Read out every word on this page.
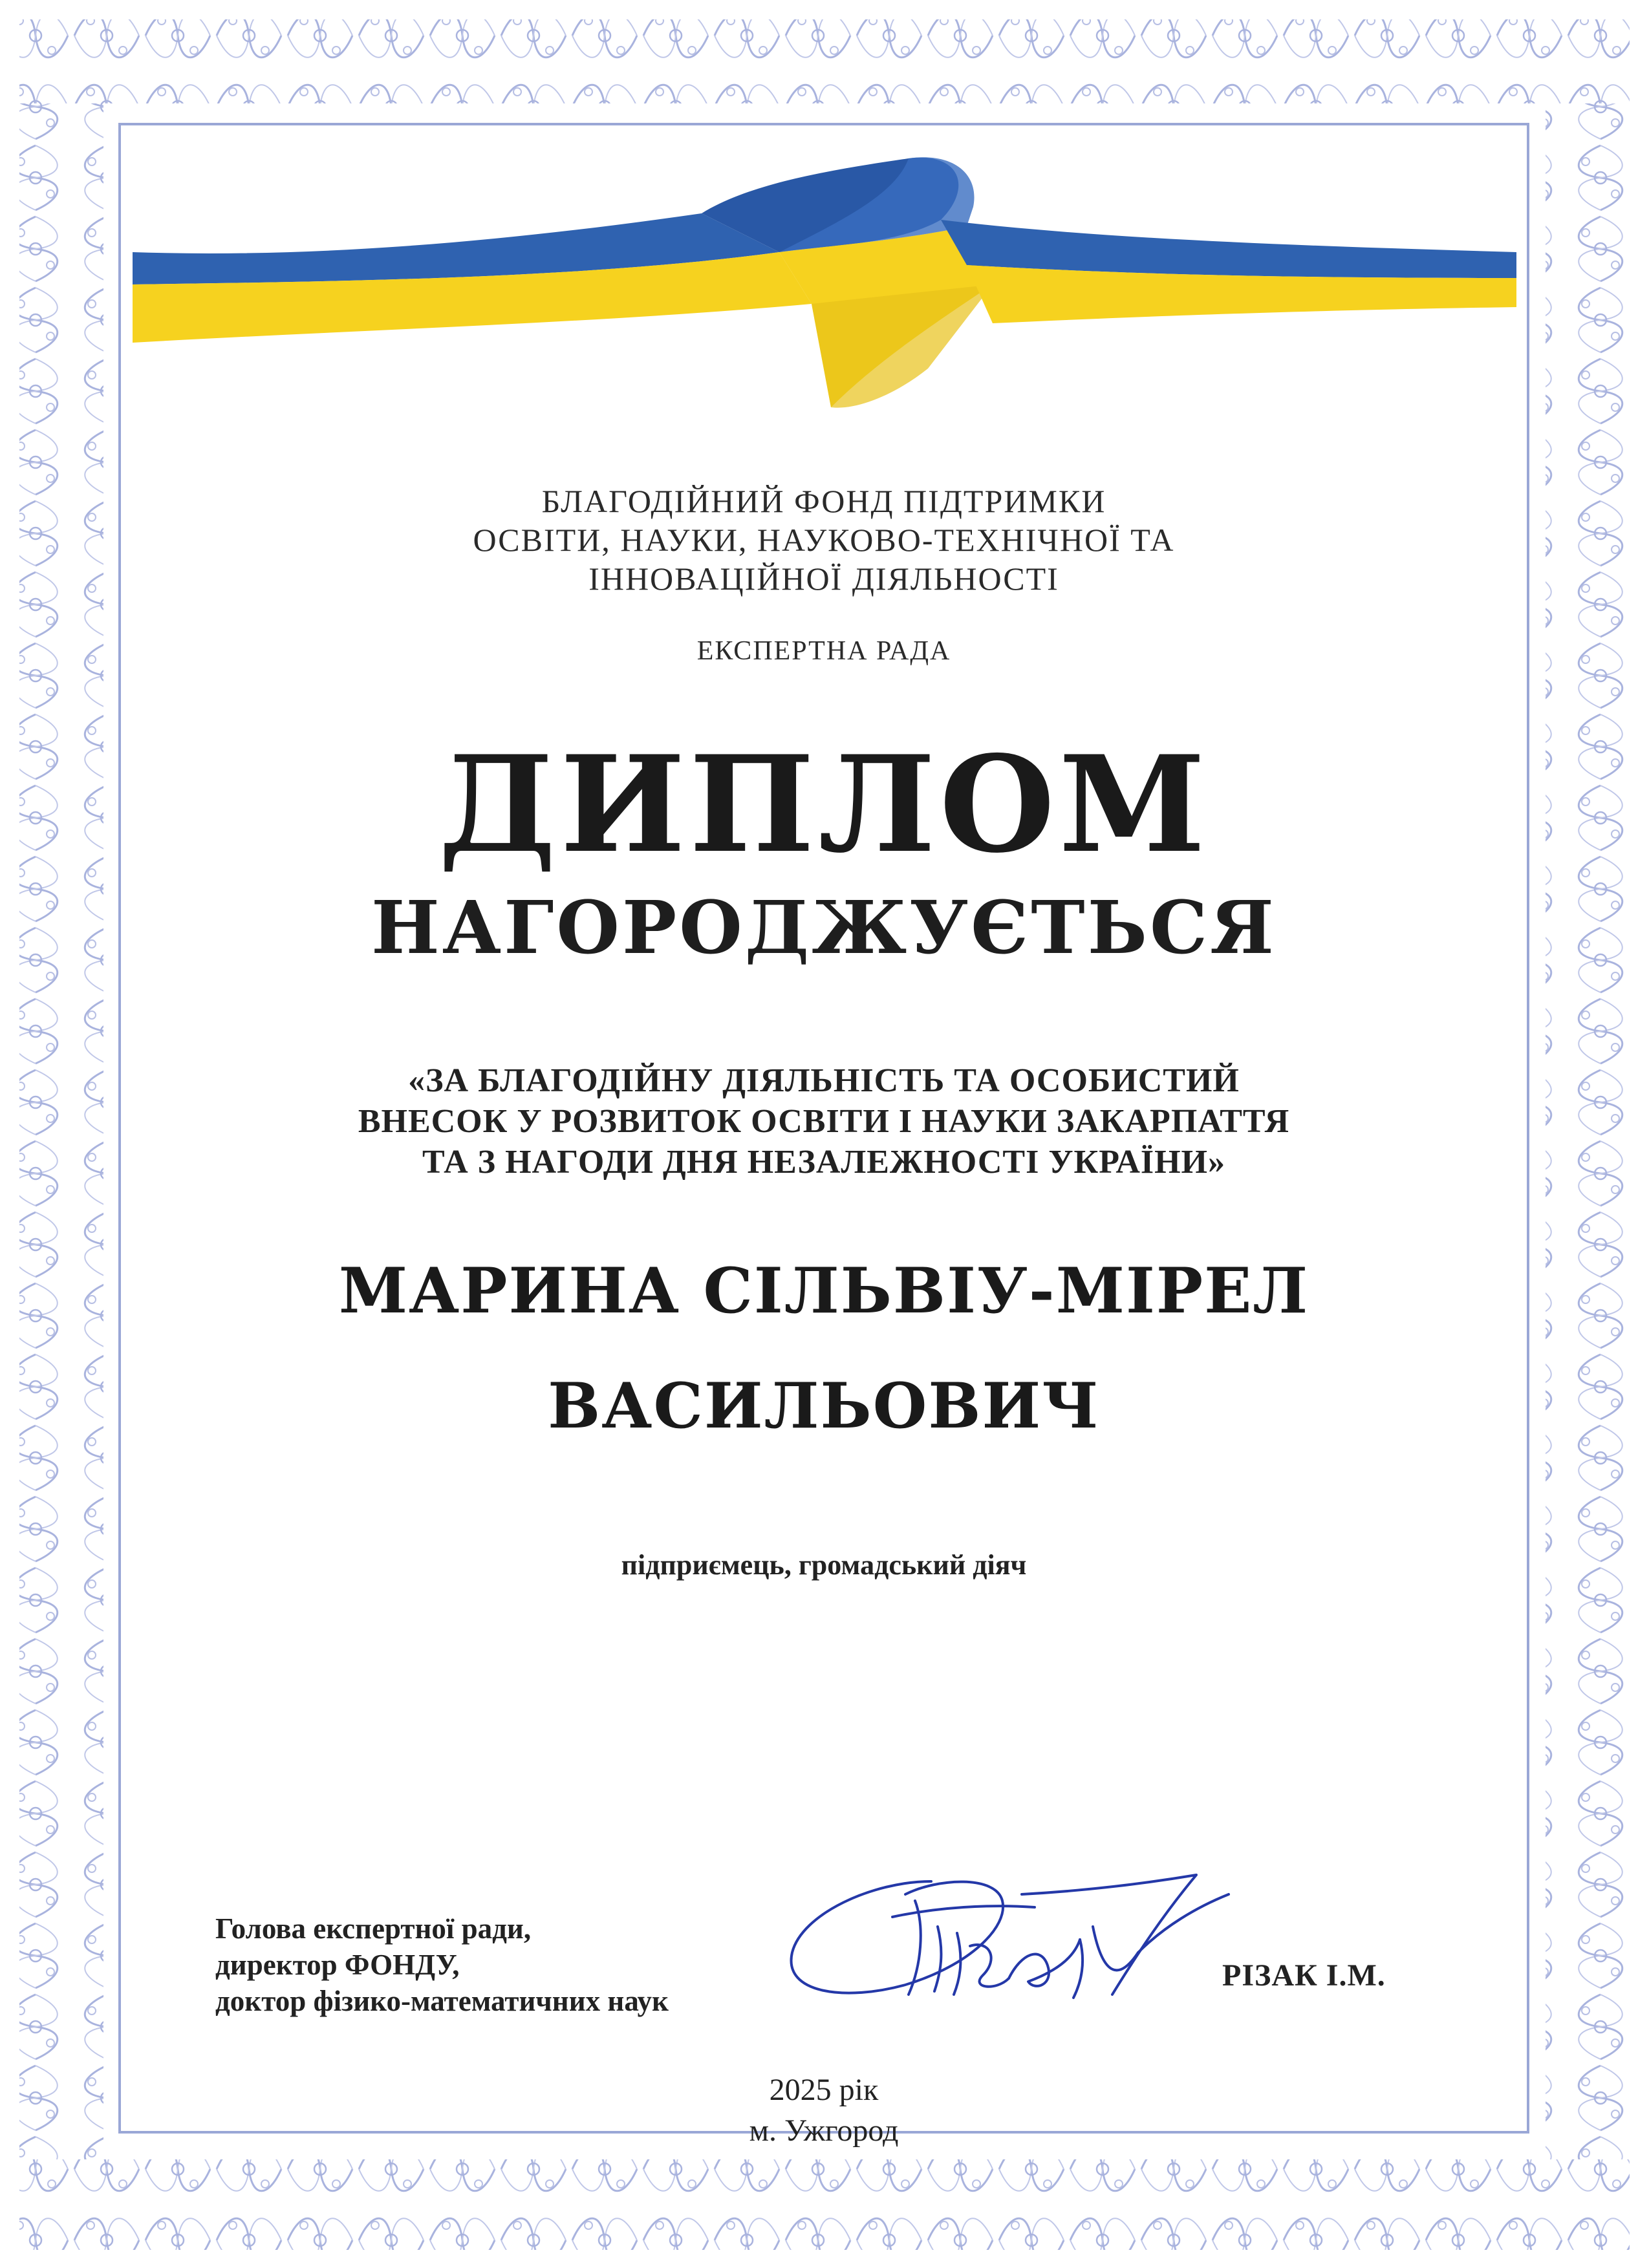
БЛАГОДІЙНИЙ ФОНД ПІДТРИМКИ
ОСВІТИ, НАУКИ, НАУКОВО-ТЕХНІЧНОЇ ТА
ІННОВАЦІЙНОЇ ДІЯЛЬНОСТІ
ЕКСПЕРТНА РАДА
ДИПЛОМ
НАГОРОДЖУЄТЬСЯ
«ЗА БЛАГОДІЙНУ ДІЯЛЬНІСТЬ ТА ОСОБИСТИЙ
ВНЕСОК У РОЗВИТОК ОСВІТИ І НАУКИ ЗАКАРПАТТЯ
ТА З НАГОДИ ДНЯ НЕЗАЛЕЖНОСТІ УКРАЇНИ»
МАРИНА СІЛЬВІУ-МІРЕЛ
ВАСИЛЬОВИЧ
підприємець, громадський діяч
Голова експертної ради,
директор ФОНДУ,
доктор фізико-математичних наук
РІЗАК І.М.
2025 рік
м. Ужгород
